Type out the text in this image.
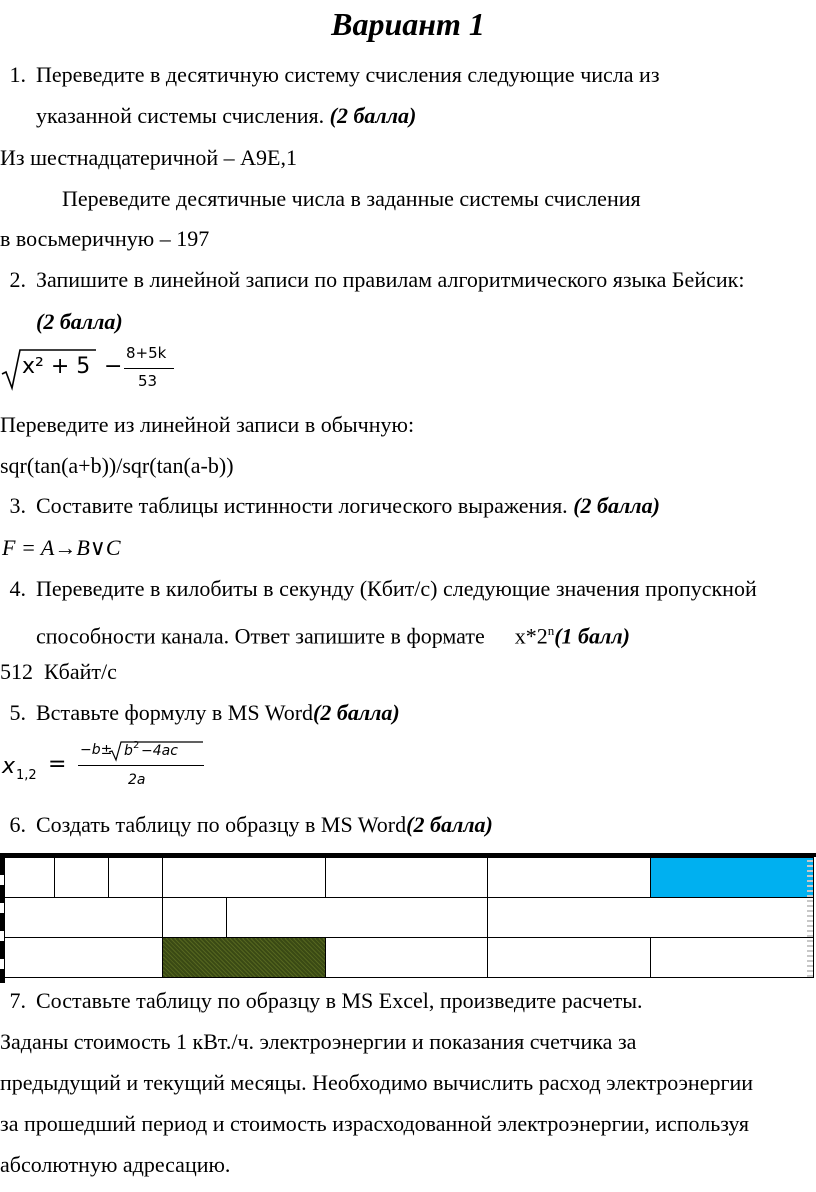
Вариант 1
1. Переведите в десятичную систему счисления следующие числа из
указанной системы счисления. (2 балла)
Из шестнадцатеричной – А9Е,1
Переведите десятичные числа в заданные системы счисления
в восьмеричную – 197
2. Запишите в линейной записи по правилам алгоритмического языка Бейсик:
(2 балла)
x² + 5 −
8+5k
53
Переведите из линейной записи в обычную:
sqr(tan(a+b))/sqr(tan(a-b))
3. Составите таблицы истинности логического выражения. (2 балла)
F = A→B∨C
4. Переведите в килобиты в секунду (Кбит/с) следующие значения пропускной
способности канала. Ответ запишите в формате x*2$^n$(1 балл)
512  Кбайт/с
5. Вставьте формулу в MS Word(2 балла)
x 1,2 =
−b± b 2 −4ac
2a
6. Создать таблицу по образцу в MS Word(2 балла)

7. Составьте таблицу по образцу в MS Excel, произведите расчеты.
Заданы стоимость 1 кВт./ч. электроэнергии и показания счетчика за
предыдущий и текущий месяцы. Необходимо вычислить расход электроэнергии
за прошедший период и стоимость израсходованной электроэнергии, используя
абсолютную адресацию.
